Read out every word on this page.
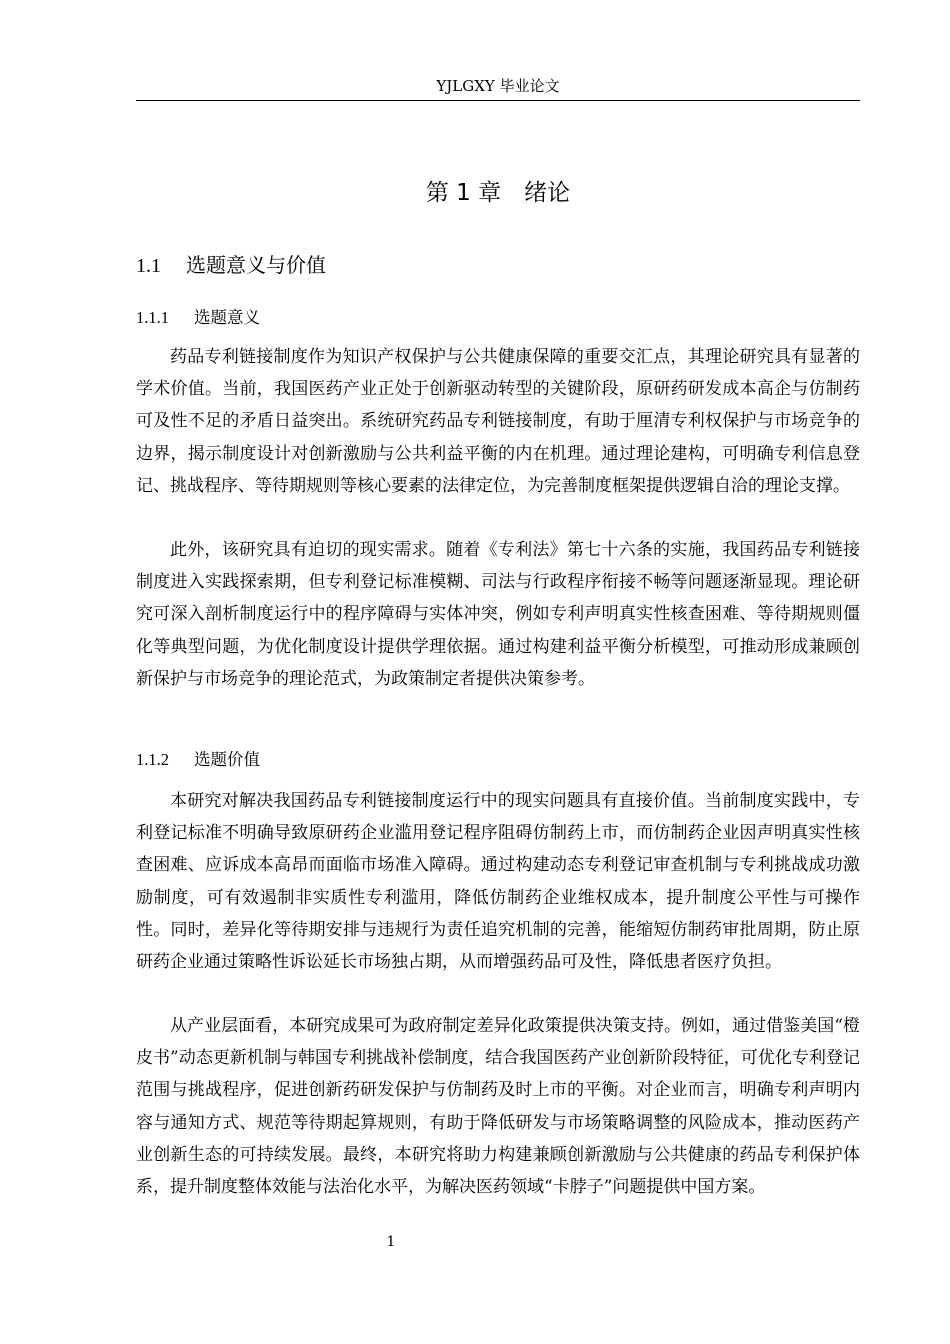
YJLGXY 毕业论文
第 1 章　绪论
1.1 选题意义与价值
1.1.1 选题意义

药品专利链接制度作为知识产权保护与公共健康保障的重要交汇点，其理论研究具有显著的学术价值。当前，我国医药产业正处于创新驱动转型的关键阶段，原研药研发成本高企与仿制药可及性不足的矛盾日益突出。系统研究药品专利链接制度，有助于厘清专利权保护与市场竞争的边界，揭示制度设计对创新激励与公共利益平衡的内在机理。通过理论建构，可明确专利信息登记、挑战程序、等待期规则等核心要素的法律定位，为完善制度框架提供逻辑自洽的理论支撑。

此外，该研究具有迫切的现实需求。随着《专利法》第七十六条的实施，我国药品专利链接制度进入实践探索期，但专利登记标准模糊、司法与行政程序衔接不畅等问题逐渐显现。理论研究可深入剖析制度运行中的程序障碍与实体冲突，例如专利声明真实性核查困难、等待期规则僵化等典型问题，为优化制度设计提供学理依据。通过构建利益平衡分析模型，可推动形成兼顾创新保护与市场竞争的理论范式，为政策制定者提供决策参考。

1.1.2 选题价值

本研究对解决我国药品专利链接制度运行中的现实问题具有直接价值。当前制度实践中，专利登记标准不明确导致原研药企业滥用登记程序阻碍仿制药上市，而仿制药企业因声明真实性核查困难、应诉成本高昂而面临市场准入障碍。通过构建动态专利登记审查机制与专利挑战成功激励制度，可有效遏制非实质性专利滥用，降低仿制药企业维权成本，提升制度公平性与可操作性。同时，差异化等待期安排与违规行为责任追究机制的完善，能缩短仿制药审批周期，防止原研药企业通过策略性诉讼延长市场独占期，从而增强药品可及性，降低患者医疗负担。

从产业层面看，本研究成果可为政府制定差异化政策提供决策支持。例如，通过借鉴美国“橙皮书”动态更新机制与韩国专利挑战补偿制度，结合我国医药产业创新阶段特征，可优化专利登记范围与挑战程序，促进创新药研发保护与仿制药及时上市的平衡。对企业而言，明确专利声明内容与通知方式、规范等待期起算规则，有助于降低研发与市场策略调整的风险成本，推动医药产业创新生态的可持续发展。最终，本研究将助力构建兼顾创新激励与公共健康的药品专利保护体系，提升制度整体效能与法治化水平，为解决医药领域“卡脖子”问题提供中国方案。

1
